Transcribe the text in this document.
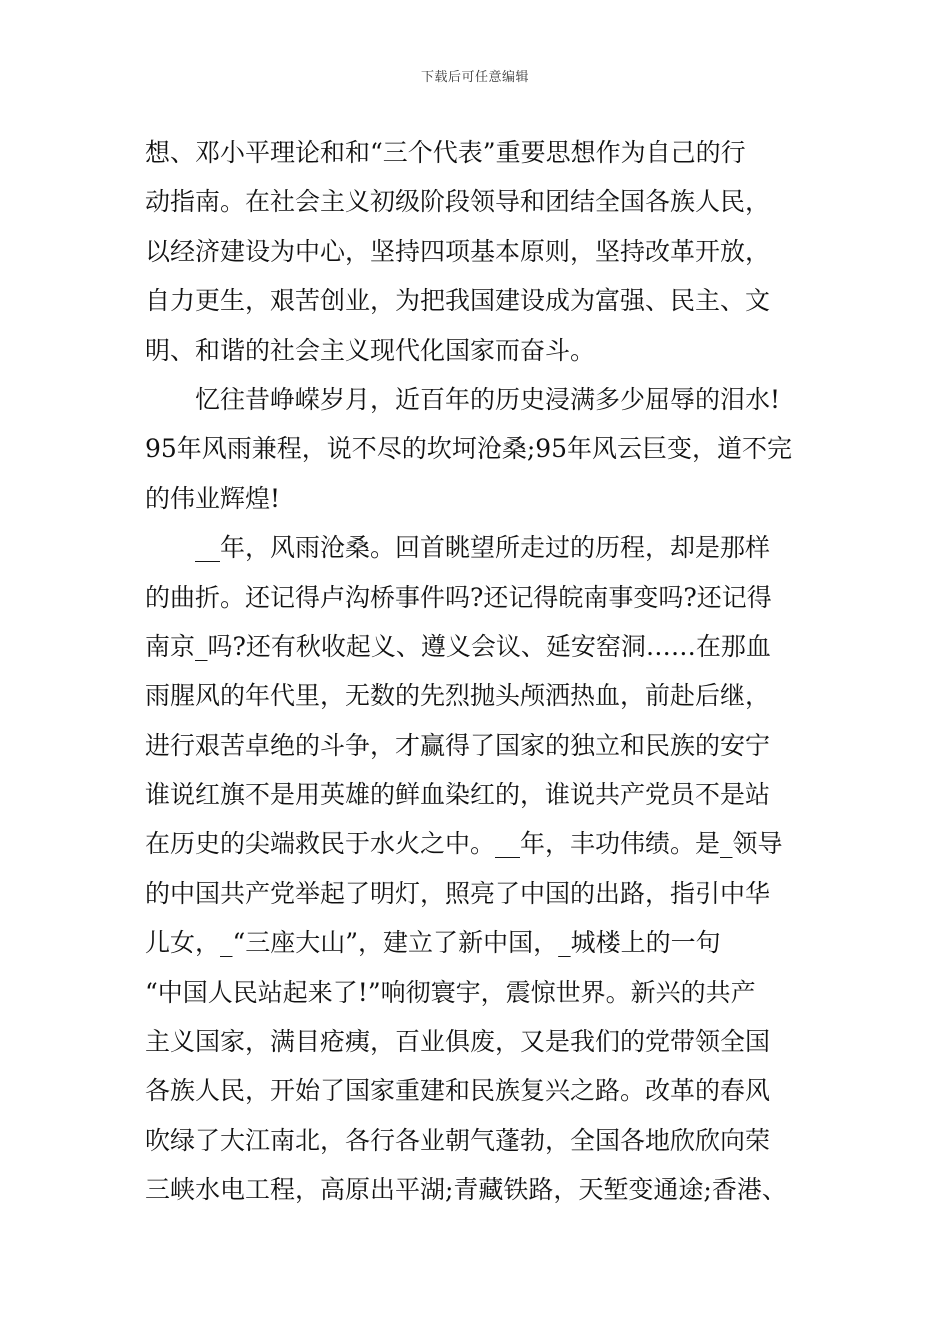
下载后可任意编辑
想、邓小平理论和和“三个代表”重要思想作为自己的行
动指南。在社会主义初级阶段领导和团结全国各族人民，
以经济建设为中心，坚持四项基本原则，坚持改革开放，
自力更生，艰苦创业，为把我国建设成为富强、民主、文
明、和谐的社会主义现代化国家而奋斗。
忆往昔峥嵘岁月，近百年的历史浸满多少屈辱的泪水!
95年风雨兼程，说不尽的坎坷沧桑;95年风云巨变，道不完
的伟业辉煌!
__年，风雨沧桑。回首眺望所走过的历程，却是那样
的曲折。还记得卢沟桥事件吗?还记得皖南事变吗?还记得
南京_吗?还有秋收起义、遵义会议、延安窑洞……在那血
雨腥风的年代里，无数的先烈抛头颅洒热血，前赴后继，
进行艰苦卓绝的斗争，才赢得了国家的独立和民族的安宁
谁说红旗不是用英雄的鲜血染红的，谁说共产党员不是站
在历史的尖端救民于水火之中。__年，丰功伟绩。是_领导
的中国共产党举起了明灯，照亮了中国的出路，指引中华
儿女，_“三座大山”，建立了新中国，_城楼上的一句
“中国人民站起来了!”响彻寰宇，震惊世界。新兴的共产
主义国家，满目疮痍，百业俱废，又是我们的党带领全国
各族人民，开始了国家重建和民族复兴之路。改革的春风
吹绿了大江南北，各行各业朝气蓬勃，全国各地欣欣向荣
三峡水电工程，高原出平湖;青藏铁路，天堑变通途;香港、
